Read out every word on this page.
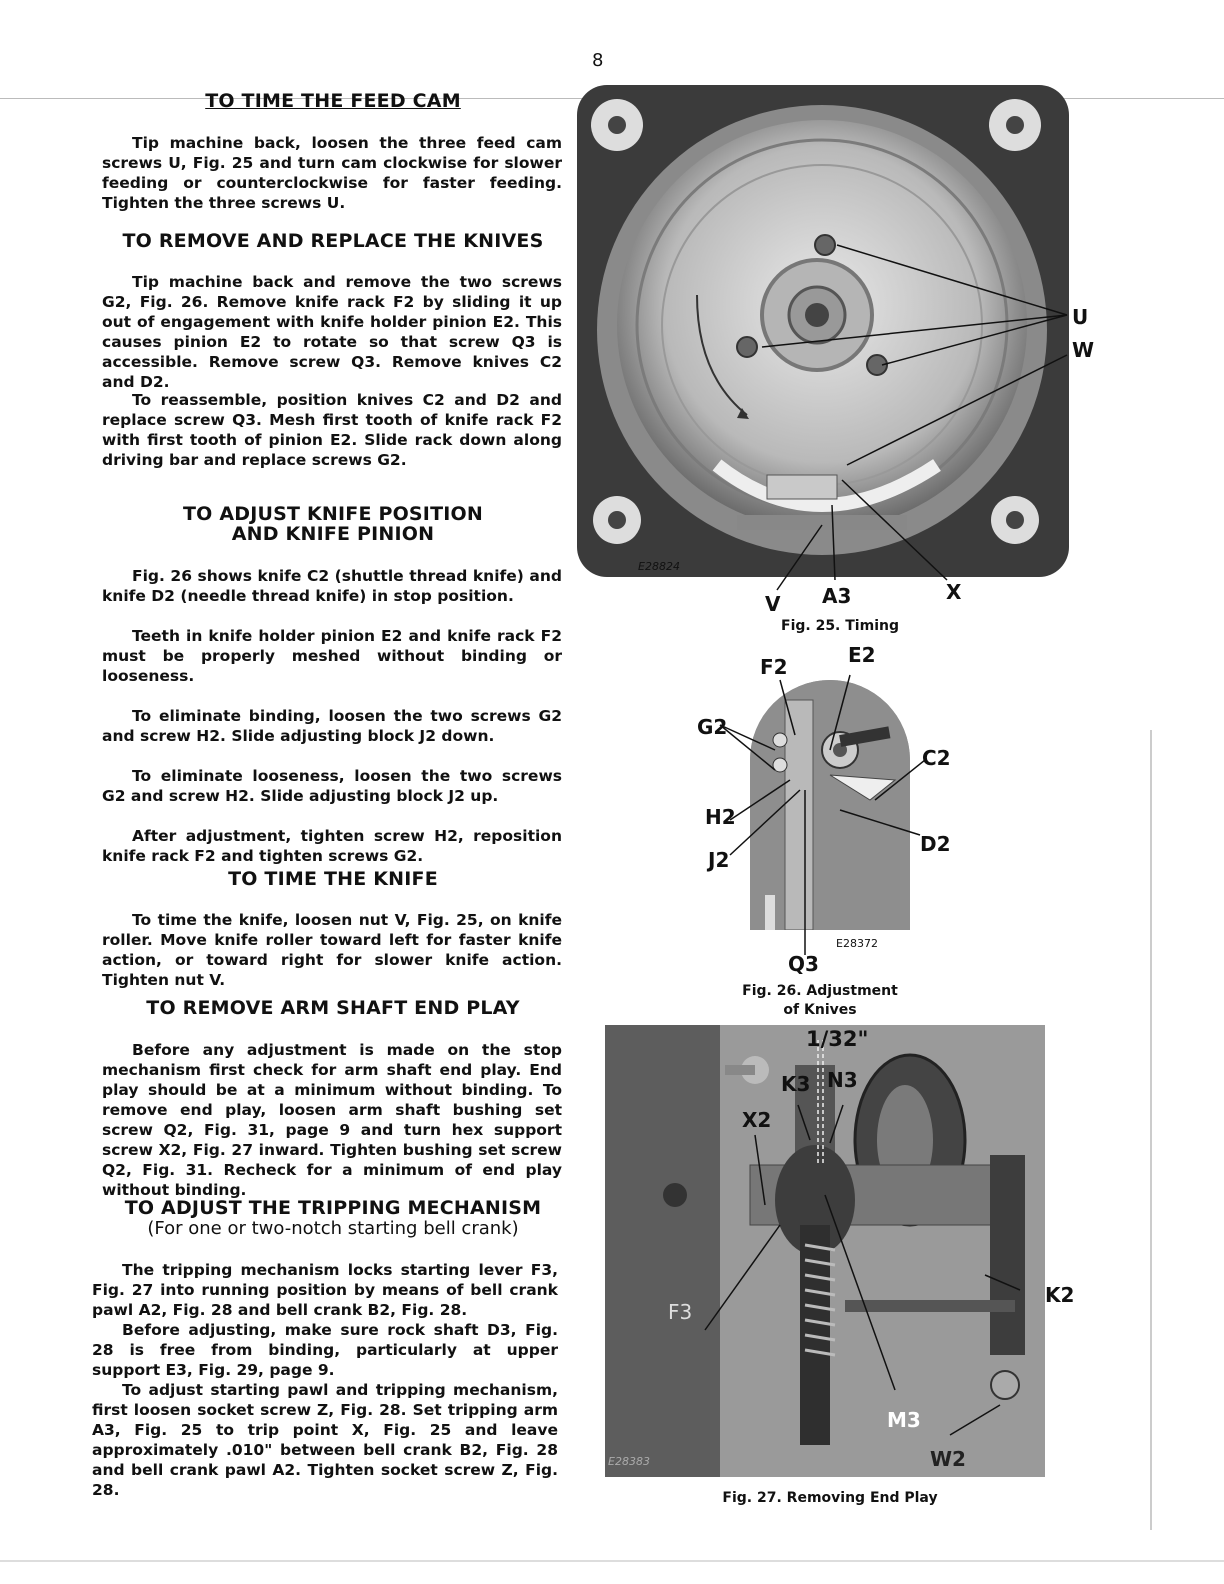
8
TO TIME THE FEED CAM
Tip machine back, loosen the three feed cam screws U, Fig. 25 and turn cam clockwise for slower feeding or counterclockwise for faster feeding. Tighten the three screws U.
TO REMOVE AND REPLACE THE KNIVES
Tip machine back and remove the two screws G2, Fig. 26. Remove knife rack F2 by sliding it up out of engagement with knife holder pinion E2. This causes pinion E2 to rotate so that screw Q3 is accessible. Remove screw Q3. Remove knives C2 and D2.
To reassemble, position knives C2 and D2 and replace screw Q3. Mesh first tooth of knife rack F2 with first tooth of pinion E2. Slide rack down along driving bar and replace screws G2.
TO ADJUST KNIFE POSITION
AND KNIFE PINION
Fig. 26 shows knife C2 (shuttle thread knife) and knife D2 (needle thread knife) in stop position.
Teeth in knife holder pinion E2 and knife rack F2 must be properly meshed without binding or looseness.
To eliminate binding, loosen the two screws G2 and screw H2. Slide adjusting block J2 down.
To eliminate looseness, loosen the two screws G2 and screw H2. Slide adjusting block J2 up.
After adjustment, tighten screw H2, reposition knife rack F2 and tighten screws G2.
TO TIME THE KNIFE
To time the knife, loosen nut V, Fig. 25, on knife roller. Move knife roller toward left for faster knife action, or toward right for slower knife action. Tighten nut V.
TO REMOVE ARM SHAFT END PLAY
Before any adjustment is made on the stop mechanism first check for arm shaft end play. End play should be at a minimum without binding. To remove end play, loosen arm shaft bushing set screw Q2, Fig. 31, page 9 and turn hex support screw X2, Fig. 27 inward. Tighten bushing set screw Q2, Fig. 31. Recheck for a minimum of end play without binding.
TO ADJUST THE TRIPPING MECHANISM
(For one or two-notch starting bell crank)
The tripping mechanism locks starting lever F3, Fig. 27 into running position by means of bell crank pawl A2, Fig. 28 and bell crank B2, Fig. 28.
Before adjusting, make sure rock shaft D3, Fig. 28 is free from binding, particularly at upper support E3, Fig. 29, page 9.
To adjust starting pawl and tripping mechanism, first loosen socket screw Z, Fig. 28. Set tripping arm A3, Fig. 25 to trip point X, Fig. 25 and leave approximately .010" between bell crank B2, Fig. 28 and bell crank pawl A2. Tighten socket screw Z, Fig. 28.
E28824
U
W
V A3	X
Fig. 25. Timing
E28372
F2	E2
G2
C2
H2
D2
J2
Q3
Fig. 26. Adjustment
of Knives
E28383
1/32"
K3 N3
X2
F3
K2
M3
W2
Fig. 27. Removing End Play
